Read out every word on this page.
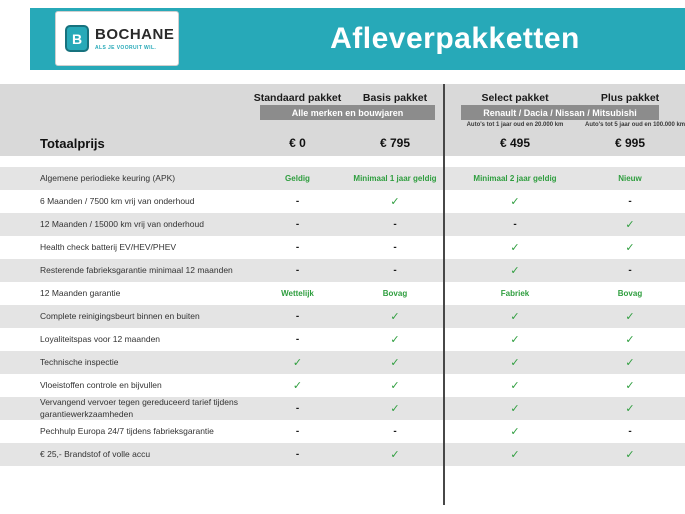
B BOCHANE
ALS JE VOORUIT WIL.	Afleverpakketten
Standaard pakket	Basis pakket	Select pakket	Plus pakket
Alle merken en bouwjaren	Renault / Dacia / Nissan / Mitsubishi
Auto's tot 1 jaar oud en 20.000 km	Auto's tot 5 jaar oud en 100.000 km
Totaalprijs	€ 0	€ 795	€ 495	€ 995
Algemene periodieke keuring (APK)	Geldig	Minimaal 1 jaar geldig	Minimaal 2 jaar geldig	Nieuw
6 Maanden / 7500 km vrij van onderhoud	-	✓	✓	-
12 Maanden / 15000 km vrij van onderhoud	-	-	-	✓
Health check batterij EV/HEV/PHEV	-	-	✓	✓
Resterende fabrieksgarantie minimaal 12 maanden	-	-	✓	-
12 Maanden garantie	Wettelijk	Bovag	Fabriek	Bovag
Complete reinigingsbeurt binnen en buiten	-	✓	✓	✓
Loyaliteitspas voor 12 maanden	-	✓	✓	✓
Technische inspectie	✓	✓	✓	✓
Vloeistoffen controle en bijvullen	✓	✓	✓	✓
Vervangend vervoer tegen gereduceerd tarief tijdens garantiewerkzaamheden	-	✓	✓	✓
Pechhulp Europa 24/7 tijdens fabrieksgarantie	-	-	✓	-
€ 25,- Brandstof of volle accu	-	✓	✓	✓
